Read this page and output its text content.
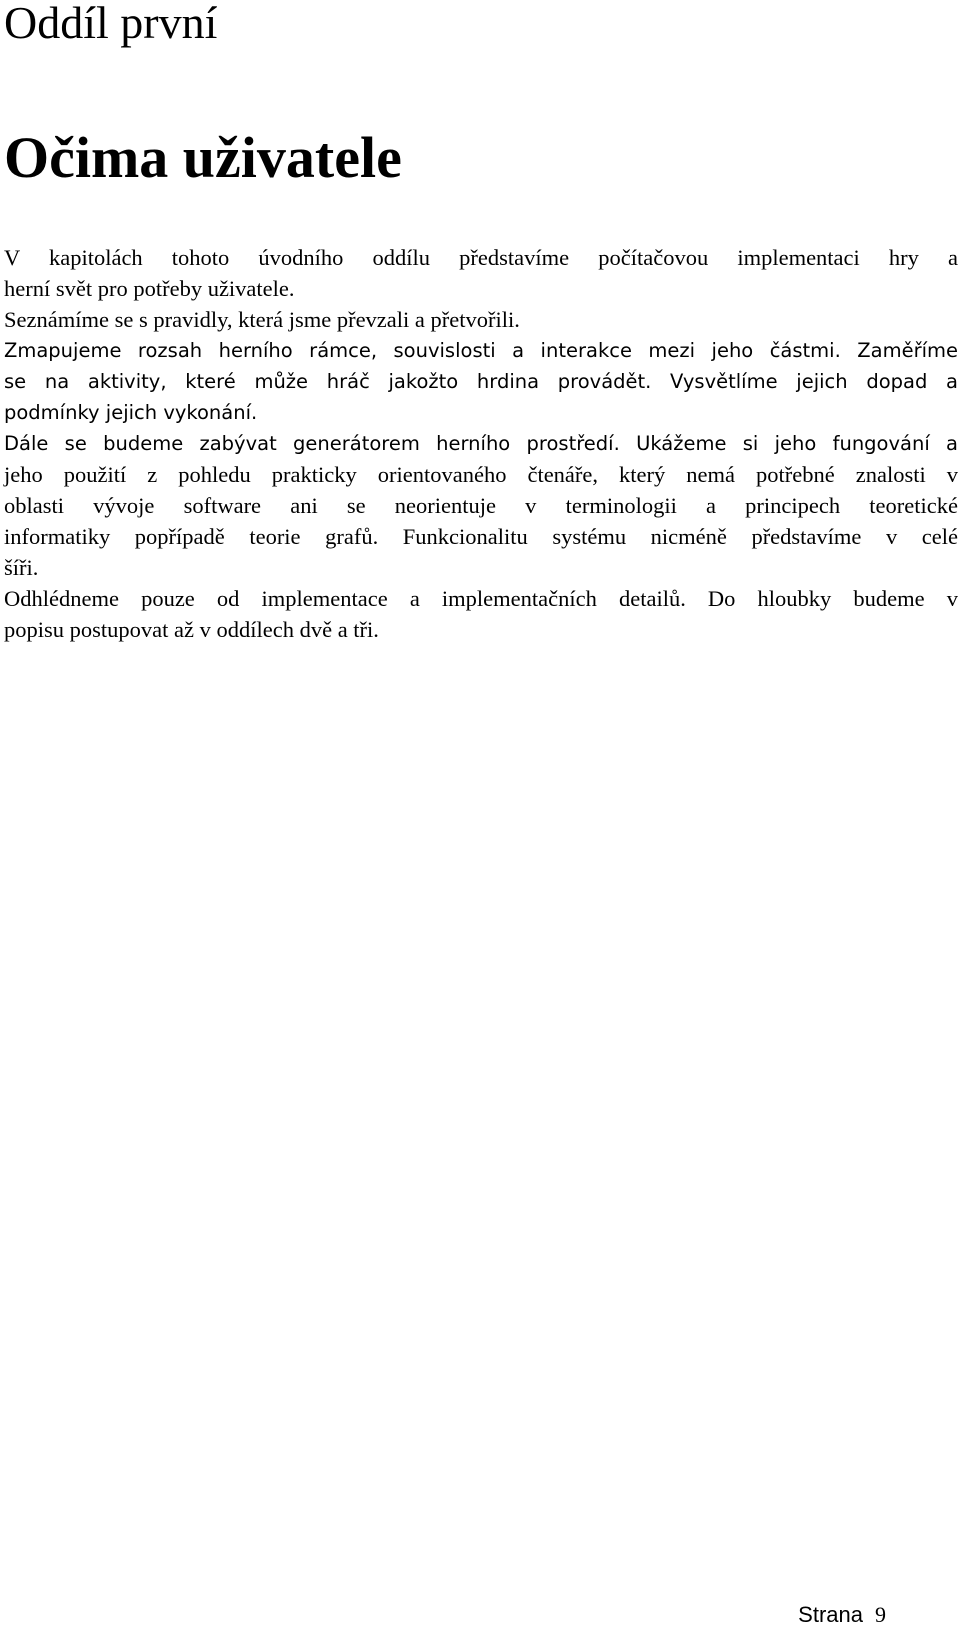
Oddíl první
Očima uživatele
V kapitolách tohoto úvodního oddílu představíme počítačovou implementaci hry a
herní svět pro potřeby uživatele.
Seznámíme se s pravidly, která jsme převzali a přetvořili.
Zmapujeme rozsah herního rámce, souvislosti a interakce mezi jeho částmi. Zaměříme
se na aktivity, které může hráč jakožto hrdina provádět. Vysvětlíme jejich dopad a
podmínky jejich vykonání.
Dále se budeme zabývat generátorem herního prostředí. Ukážeme si jeho fungování a
jeho použití z pohledu prakticky orientovaného čtenáře, který nemá potřebné znalosti v
oblasti vývoje software ani se neorientuje v terminologii a principech teoretické
informatiky popřípadě teorie grafů. Funkcionalitu systému nicméně představíme v celé
šíři.
Odhlédneme pouze od implementace a implementačních detailů. Do hloubky budeme v
popisu postupovat až v oddílech dvě a tři.
Strana 9
